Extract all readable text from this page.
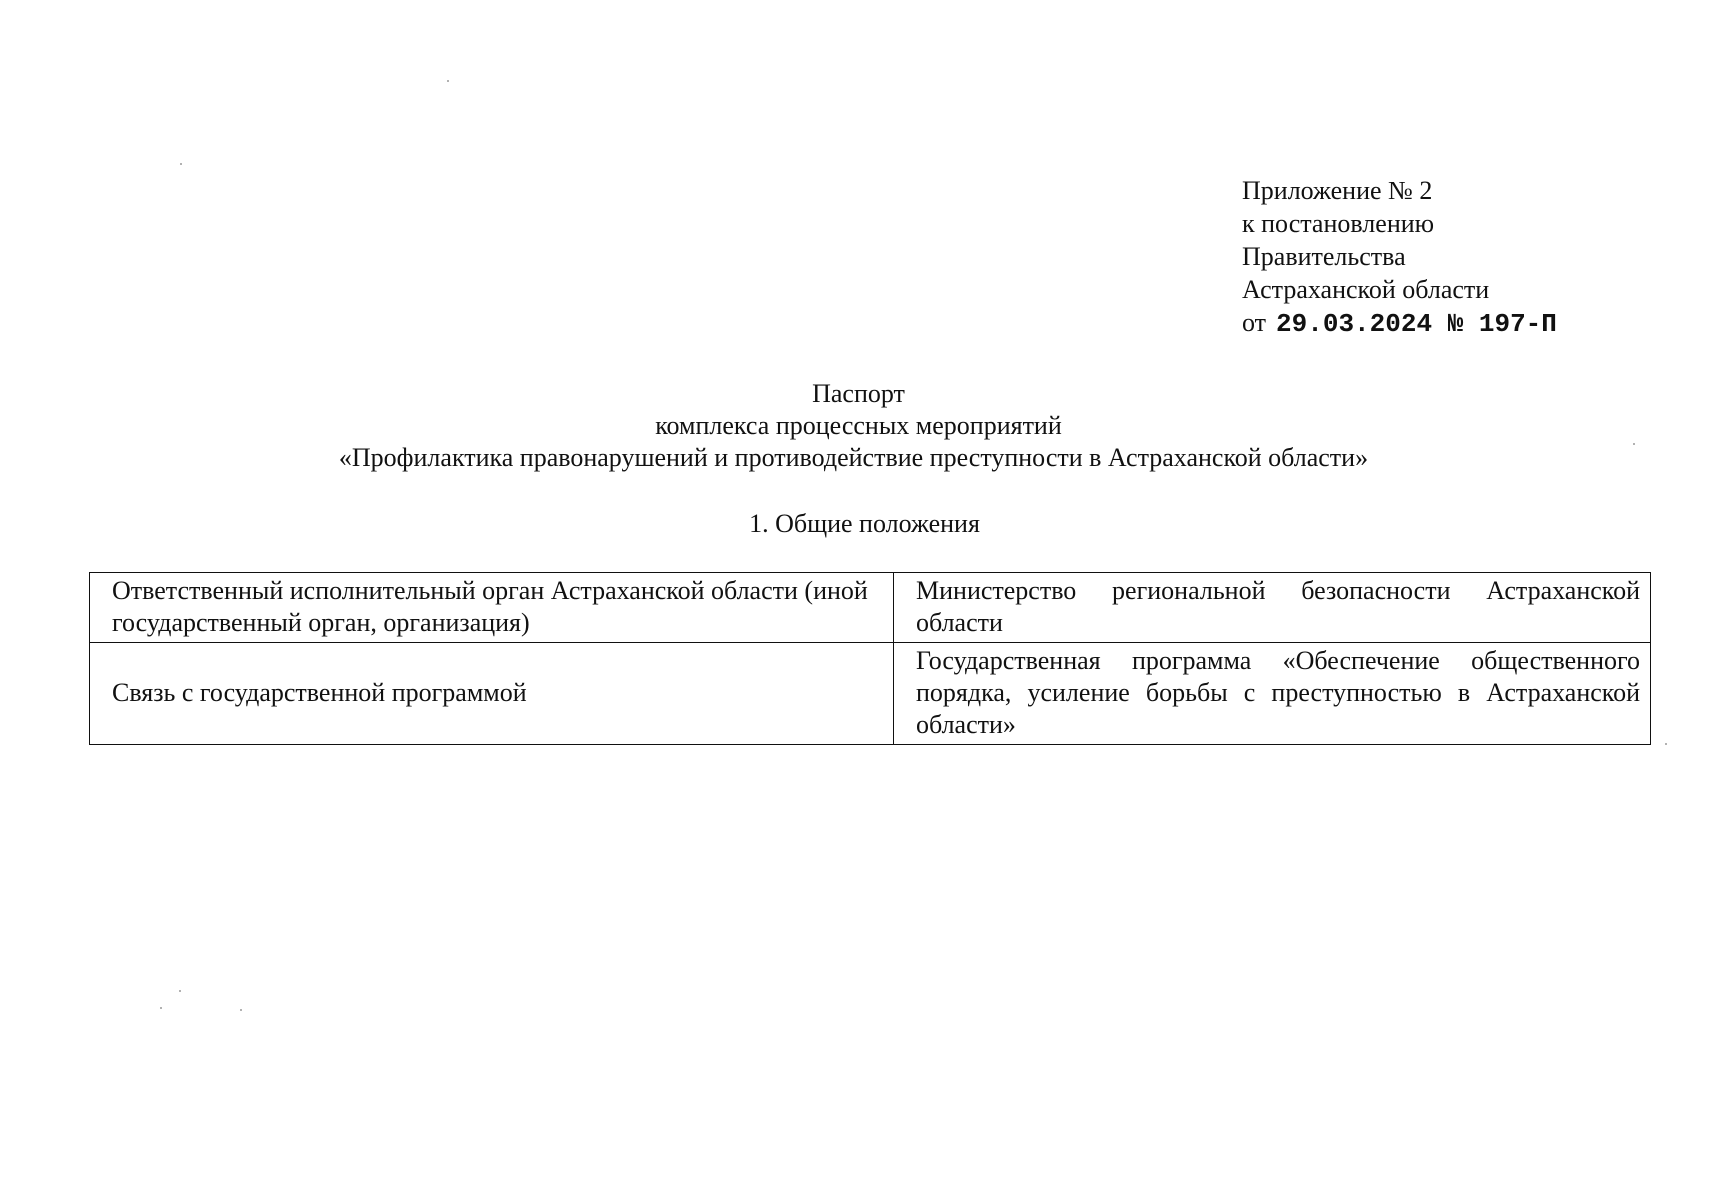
Приложение № 2
к постановлению
Правительства
Астраханской области
от 29.03.2024 № 197-П
Паспорт
комплекса процессных мероприятий
«Профилактика правонарушений и противодействие преступности в Астраханской области»
1. Общие положения
Ответственный исполнительный орган Астраханской области (иной государственный орган, организация)	Министерство региональной безопасности Астраханской области
Связь с государственной программой	Государственная программа «Обеспечение общественного порядка, усиление борьбы с преступностью в Астраханской области»
